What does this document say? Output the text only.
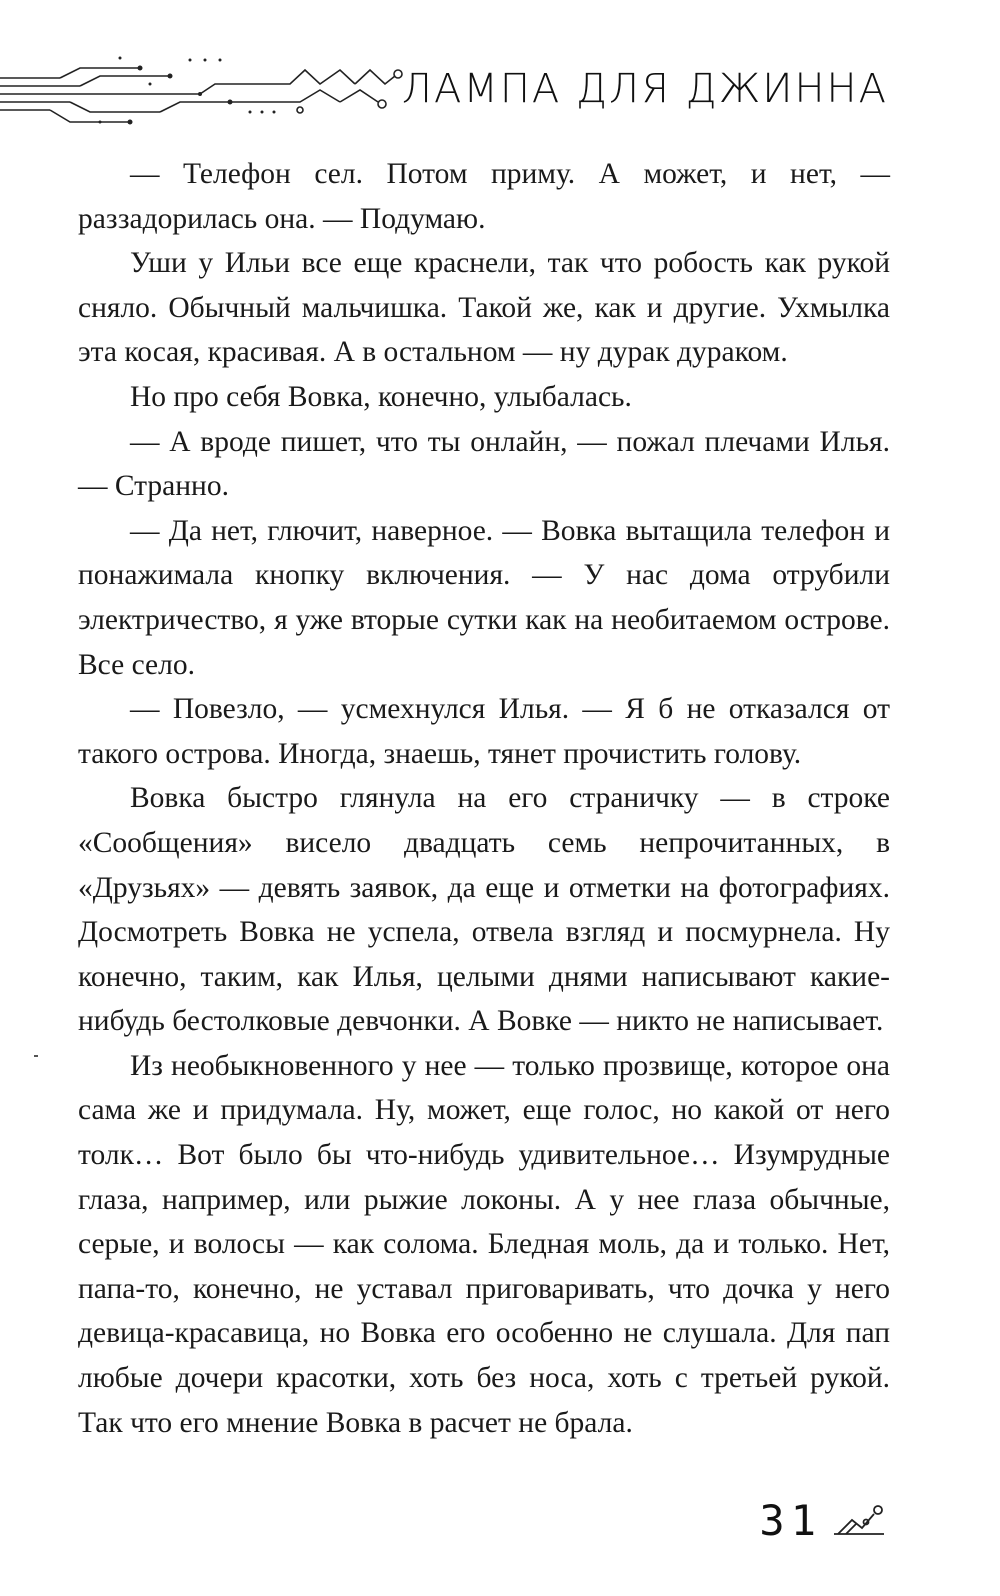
ЛАМПА ДЛЯ ДЖИННА

— Телефон сел. Потом приму. А может, и нет, — раззадорилась она. — Подумаю.

Уши у Ильи все еще краснели, так что робость как рукой сняло. Обычный мальчишка. Такой же, как и другие. Ухмылка эта косая, красивая. А в остальном — ну дурак дураком.

Но про себя Вовка, конечно, улыбалась.

— А вроде пишет, что ты онлайн, — пожал плечами Илья. — Странно.

— Да нет, глючит, наверное. — Вовка вытащила телефон и понажимала кнопку включения. — У нас дома отрубили электричество, я уже вторые сутки как на необитаемом острове. Все село.

— Повезло, — усмехнулся Илья. — Я б не отказался от такого острова. Иногда, знаешь, тянет прочистить голову.

Вовка быстро глянула на его страничку — в строке «Сообщения» висело двадцать семь непрочитанных, в «Друзьях» — девять заявок, да еще и отметки на фотографиях. Досмотреть Вовка не успела, отвела взгляд и посмурнела. Ну конечно, таким, как Илья, целыми днями написывают какие-нибудь бестолковые девчонки. А Вовке — никто не написывает.

Из необыкновенного у нее — только прозвище, которое она сама же и придумала. Ну, может, еще голос, но какой от него толк… Вот было бы что-нибудь удивительное… Изумрудные глаза, например, или рыжие локоны. А у нее глаза обычные, серые, и волосы — как солома. Бледная моль, да и только. Нет, папа-то, конечно, не уставал приговаривать, что дочка у него девица-красавица, но Вовка его особенно не слушала. Для пап любые дочери красотки, хоть без носа, хоть с третьей рукой. Так что его мнение Вовка в расчет не брала.

31
